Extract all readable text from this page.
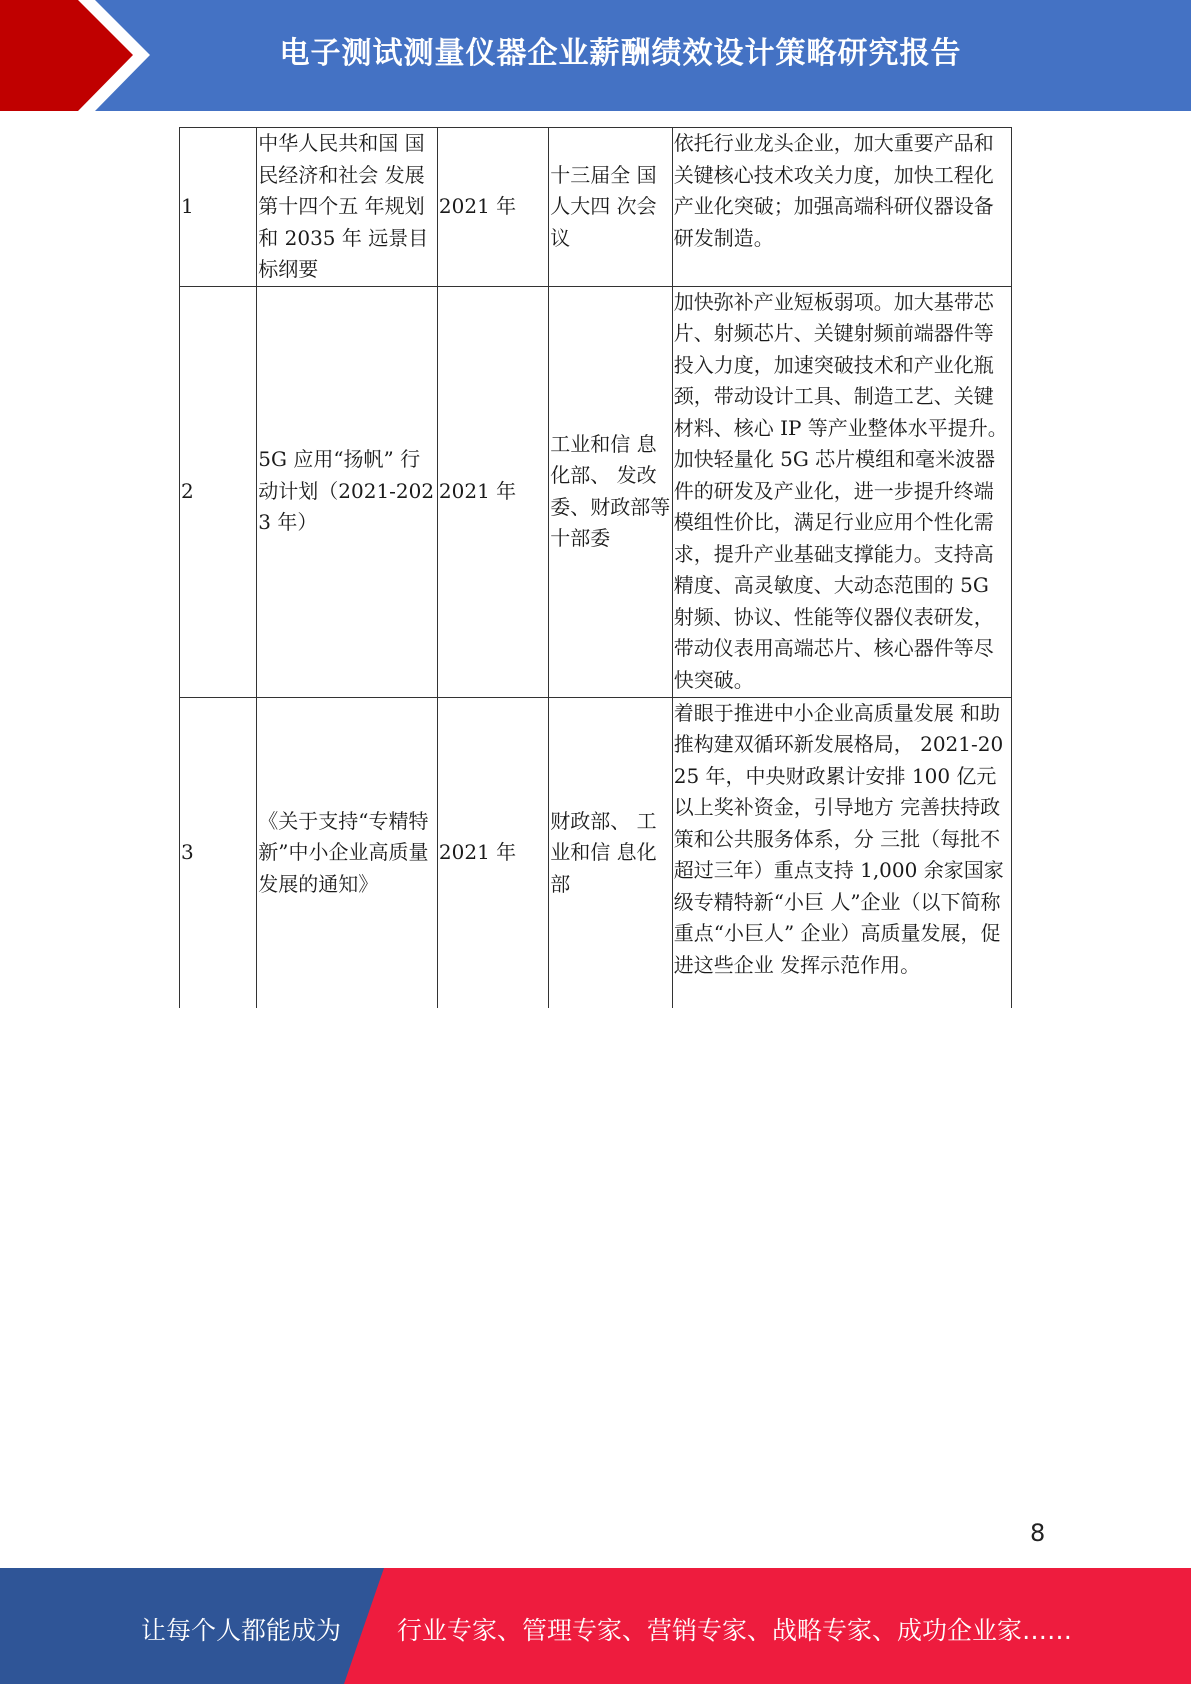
电子测试测量仪器企业薪酬绩效设计策略研究报告
1	中华人民共和国 国民经济和社会 发展第十四个五 年规划和 2035 年 远景目标纲要	2021 年	十三届全 国人大四 次会议	依托行业龙头企业，加大重要产品和关键核心技术攻关力度，加快工程化产业化突破；加强高端科研仪器设备研发制造。
2	5G 应用“扬帆” 行动计划（2021-2023 年）	2021 年	工业和信 息化部、 发改委、财政部等 十部委	加快弥补产业短板弱项。加大基带芯片、射频芯片、关键射频前端器件等投入力度，加速突破技术和产业化瓶颈，带动设计工具、制造工艺、关键材料、核心 IP 等产业整体水平提升。加快轻量化 5G 芯片模组和毫米波器件的研发及产业化，进一步提升终端模组性价比，满足行业应用个性化需求，提升产业基础支撑能力。支持高精度、高灵敏度、大动态范围的 5G 射频、协议、性能等仪器仪表研发，带动仪表用高端芯片、核心器件等尽快突破。
3	《关于支持“专精特新”中小企业高质量发展的通知》	2021 年	财政部、 工业和信 息化部	着眼于推进中小企业高质量发展 和助推构建双循环新发展格局， 2021-2025 年，中央财政累计安排 100 亿元以上奖补资金，引导地方 完善扶持政策和公共服务体系，分 三批（每批不超过三年）重点支持 1,000 余家国家级专精特新“小巨 人”企业（以下简称重点“小巨人” 企业）高质量发展，促进这些企业 发挥示范作用。
8
让每个人都能成为 行业专家、管理专家、营销专家、战略专家、成功企业家……
